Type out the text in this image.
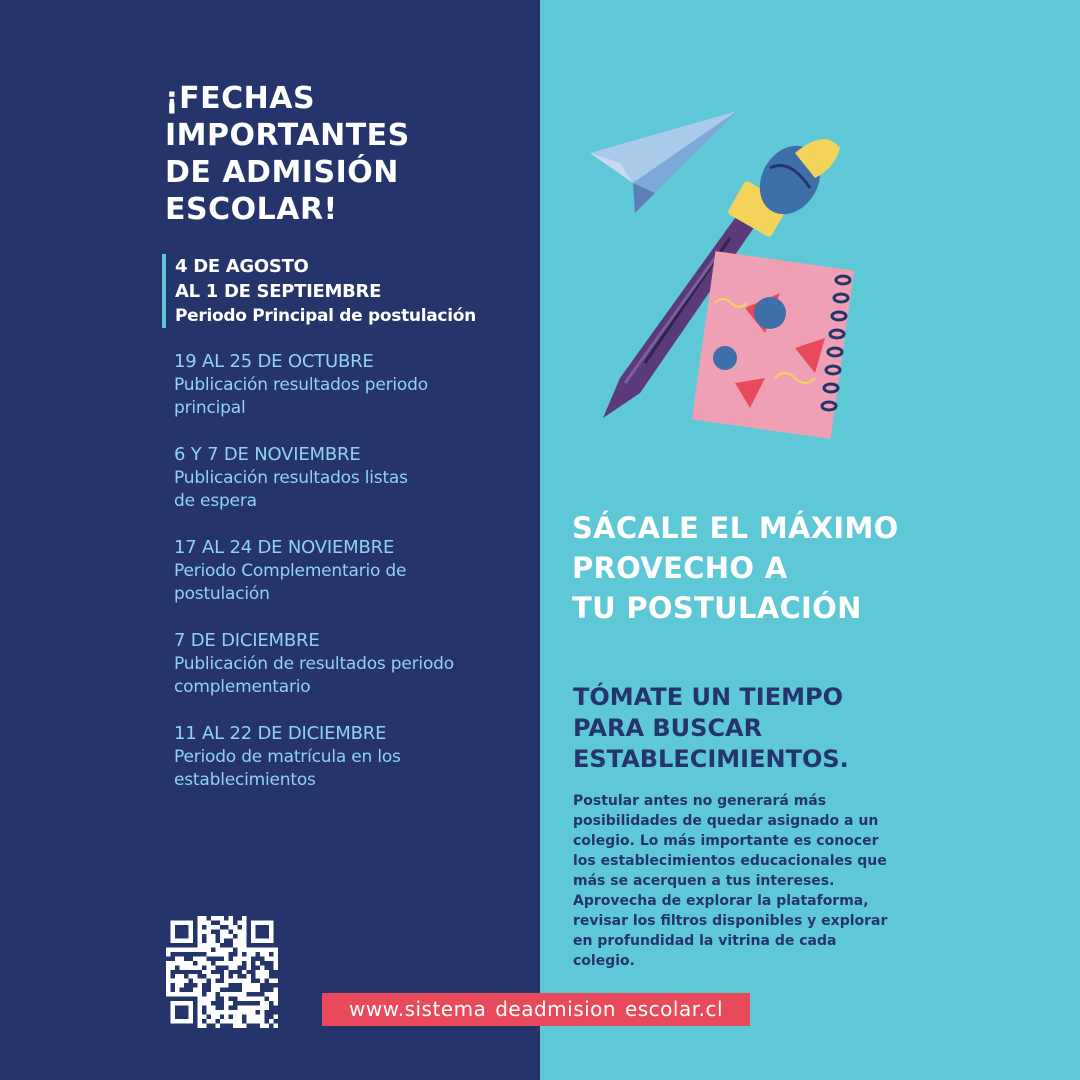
¡FECHAS
IMPORTANTES
DE ADMISIÓN
ESCOLAR!
4 DE AGOSTO
AL 1 DE SEPTIEMBRE
Periodo Principal de postulación
19 AL 25 DE OCTUBRE
Publicación resultados periodo
principal
6 Y 7 DE NOVIEMBRE
Publicación resultados listas
de espera
17 AL 24 DE NOVIEMBRE
Periodo Complementario de
postulación
7 DE DICIEMBRE
Publicación de resultados periodo
complementario
11 AL 22 DE DICIEMBRE
Periodo de matrícula en los
establecimientos
SÁCALE EL MÁXIMO
PROVECHO A
TU POSTULACIÓN
TÓMATE UN TIEMPO
PARA BUSCAR
ESTABLECIMIENTOS.

Postular antes no generará más posibilidades de quedar asignado a un colegio. Lo más importante es conocer los establecimientos educacionales que más se acerquen a tus intereses. Aprovecha de explorar la plataforma, revisar los filtros disponibles y explorar en profundidad la vitrina de cada colegio.

www.sistema deadmision escolar.cl
